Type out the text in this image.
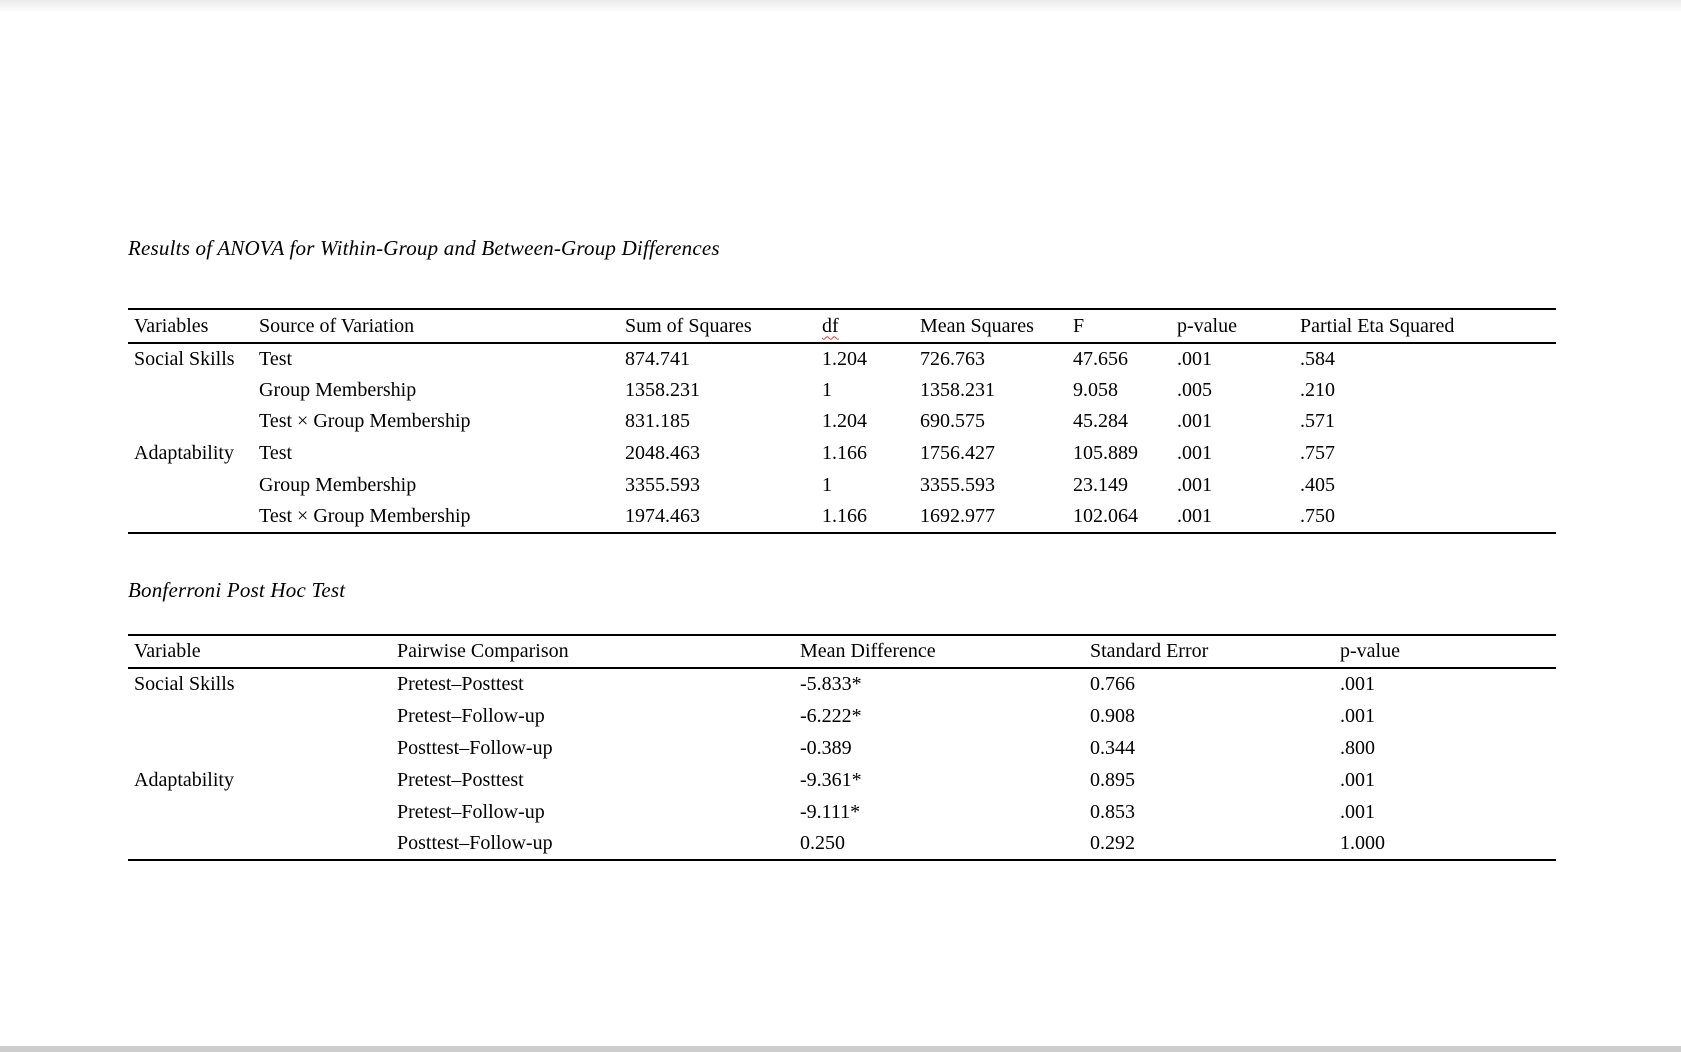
Results of ANOVA for Within-Group and Between-Group Differences
Variables	Source of Variation	Sum of Squares	df	Mean Squares	F	p-value	Partial Eta Squared
Social Skills	Test	874.741	1.204	726.763	47.656	.001	.584
	Group Membership	1358.231	1	1358.231	9.058	.005	.210
	Test × Group Membership	831.185	1.204	690.575	45.284	.001	.571
Adaptability	Test	2048.463	1.166	1756.427	105.889	.001	.757
	Group Membership	3355.593	1	3355.593	23.149	.001	.405
	Test × Group Membership	1974.463	1.166	1692.977	102.064	.001	.750
Bonferroni Post Hoc Test
Variable	Pairwise Comparison	Mean Difference	Standard Error	p-value
Social Skills	Pretest–Posttest	-5.833*	0.766	.001
	Pretest–Follow-up	-6.222*	0.908	.001
	Posttest–Follow-up	-0.389	0.344	.800
Adaptability	Pretest–Posttest	-9.361*	0.895	.001
	Pretest–Follow-up	-9.111*	0.853	.001
	Posttest–Follow-up	0.250	0.292	1.000
